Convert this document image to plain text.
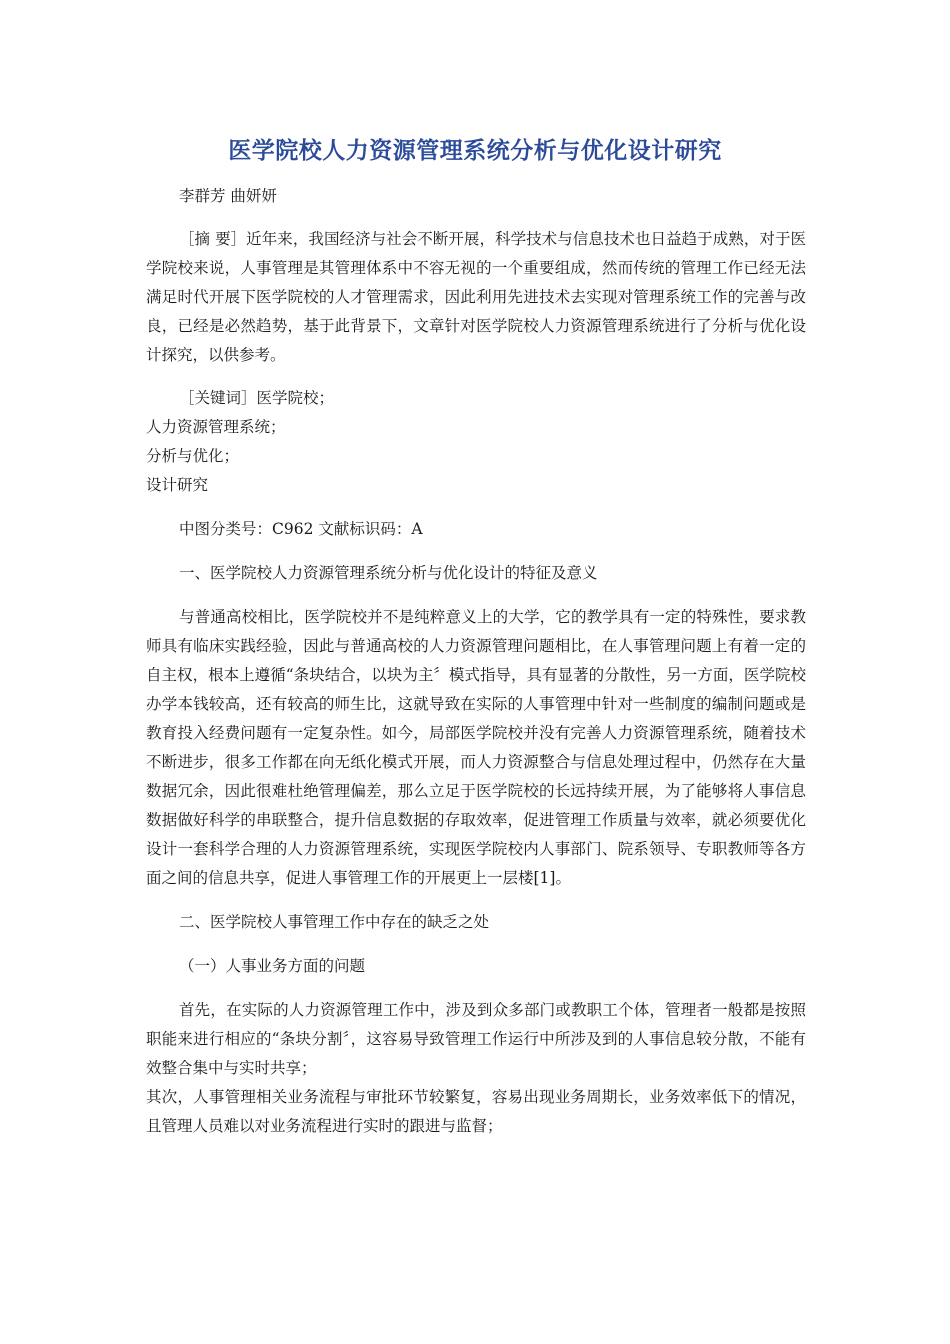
医学院校人力资源管理系统分析与优化设计研究

李群芳 曲妍妍

［摘 要］近年来，我国经济与社会不断开展，科学技术与信息技术也日益趋于成熟，对于医学院校来说，人事管理是其管理体系中不容无视的一个重要组成，然而传统的管理工作已经无法满足时代开展下医学院校的人才管理需求，因此利用先进技术去实现对管理系统工作的完善与改良，已经是必然趋势，基于此背景下，文章针对医学院校人力资源管理系统进行了分析与优化设计探究，以供参考。

［关键词］医学院校；

人力资源管理系统；

分析与优化；

设计研究

中图分类号：C962 文献标识码：A

一、医学院校人力资源管理系统分析与优化设计的特征及意义

与普通高校相比，医学院校并不是纯粹意义上的大学，它的教学具有一定的特殊性，要求教师具有临床实践经验，因此与普通高校的人力资源管理问题相比，在人事管理问题上有着一定的自主权，根本上遵循“条块结合，以块为主〞模式指导，具有显著的分散性，另一方面，医学院校办学本钱较高，还有较高的师生比，这就导致在实际的人事管理中针对一些制度的编制问题或是教育投入经费问题有一定复杂性。如今，局部医学院校并没有完善人力资源管理系统，随着技术不断进步，很多工作都在向无纸化模式开展，而人力资源整合与信息处理过程中，仍然存在大量数据冗余，因此很难杜绝管理偏差，那么立足于医学院校的长远持续开展，为了能够将人事信息数据做好科学的串联整合，提升信息数据的存取效率，促进管理工作质量与效率，就必须要优化设计一套科学合理的人力资源管理系统，实现医学院校内人事部门、院系领导、专职教师等各方面之间的信息共享，促进人事管理工作的开展更上一层楼[1]。

二、医学院校人事管理工作中存在的缺乏之处

（一）人事业务方面的问题

首先，在实际的人力资源管理工作中，涉及到众多部门或教职工个体，管理者一般都是按照职能来进行相应的“条块分割〞，这容易导致管理工作运行中所涉及到的人事信息较分散，不能有效整合集中与实时共享；

其次，人事管理相关业务流程与审批环节较繁复，容易出现业务周期长，业务效率低下的情况，且管理人员难以对业务流程进行实时的跟进与监督；
